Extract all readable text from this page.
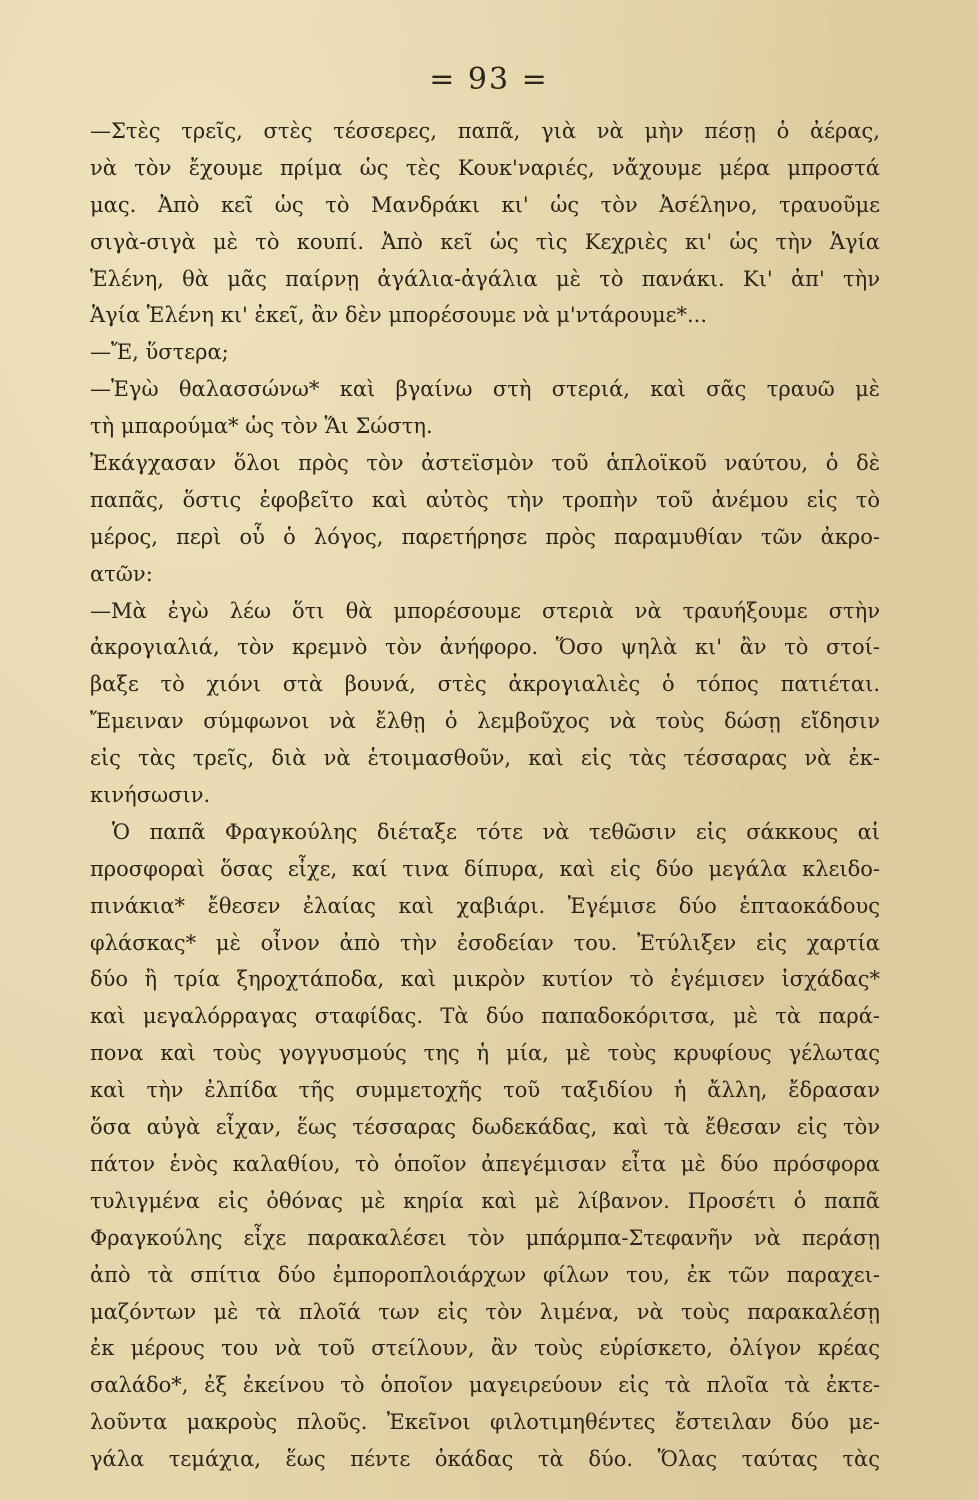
= 93 =
—Στὲς τρεῖς, στὲς τέσσερες, παπᾶ, γιὰ νὰ μὴν πέσῃ ὁ ἀέρας,
νὰ τὸν ἔχουμε πρίμα ὡς τὲς Κουκ'ναριές, νἄχουμε μέρα μπροστά
μας. Ἀπὸ κεῖ ὡς τὸ Μανδράκι κι' ὡς τὸν Ἀσέληνο, τραυοῦμε
σιγὰ-σιγὰ μὲ τὸ κουπί. Ἀπὸ κεῖ ὡς τὶς Κεχριὲς κι' ὡς τὴν Ἁγία
Ἑλένη, θὰ μᾶς παίρνῃ ἀγάλια-ἀγάλια μὲ τὸ πανάκι. Κι' ἀπ' τὴν
Ἁγία Ἑλένη κι' ἐκεῖ, ἂν δὲν μπορέσουμε νὰ μ'ντάρουμε*...
—Ἔ, ὕστερα;
—Ἐγὼ θαλασσώνω* καὶ βγαίνω στὴ στεριά, καὶ σᾶς τραυῶ μὲ
τὴ μπαρούμα* ὡς τὸν Ἅι Σώστη.
Ἐκάγχασαν ὅλοι πρὸς τὸν ἀστεϊσμὸν τοῦ ἁπλοϊκοῦ ναύτου, ὁ δὲ
παπᾶς, ὅστις ἐφοβεῖτο καὶ αὐτὸς τὴν τροπὴν τοῦ ἀνέμου εἰς τὸ
μέρος, περὶ οὗ ὁ λόγος, παρετήρησε πρὸς παραμυθίαν τῶν ἀκρο-
ατῶν:
—Μὰ ἐγὼ λέω ὅτι θὰ μπορέσουμε στεριὰ νὰ τραυήξουμε στὴν
ἀκρογιαλιά, τὸν κρεμνὸ τὸν ἀνήφορο. Ὅσο ψηλὰ κι' ἂν τὸ στοί-
βαξε τὸ χιόνι στὰ βουνά, στὲς ἀκρογιαλιὲς ὁ τόπος πατιέται.
Ἔμειναν σύμφωνοι νὰ ἔλθῃ ὁ λεμβοῦχος νὰ τοὺς δώσῃ εἴδησιν
εἰς τὰς τρεῖς, διὰ νὰ ἑτοιμασθοῦν, καὶ εἰς τὰς τέσσαρας νὰ ἐκ-
κινήσωσιν.
Ὁ παπᾶ Φραγκούλης διέταξε τότε νὰ τεθῶσιν εἰς σάκκους αἱ
προσφοραὶ ὅσας εἶχε, καί τινα δίπυρα, καὶ εἰς δύο μεγάλα κλειδο-
πινάκια* ἔθεσεν ἐλαίας καὶ χαβιάρι. Ἐγέμισε δύο ἑπταοκάδους
φλάσκας* μὲ οἶνον ἀπὸ τὴν ἐσοδείαν του. Ἐτύλιξεν εἰς χαρτία
δύο ἢ τρία ξηροχτάποδα, καὶ μικρὸν κυτίον τὸ ἐγέμισεν ἰσχάδας*
καὶ μεγαλόρραγας σταφίδας. Τὰ δύο παπαδοκόριτσα, μὲ τὰ παρά-
πονα καὶ τοὺς γογγυσμούς της ἡ μία, μὲ τοὺς κρυφίους γέλωτας
καὶ τὴν ἐλπίδα τῆς συμμετοχῆς τοῦ ταξιδίου ἡ ἄλλη, ἔδρασαν
ὅσα αὐγὰ εἶχαν, ἕως τέσσαρας δωδεκάδας, καὶ τὰ ἔθεσαν εἰς τὸν
πάτον ἑνὸς καλαθίου, τὸ ὁποῖον ἀπεγέμισαν εἶτα μὲ δύο πρόσφορα
τυλιγμένα εἰς ὀθόνας μὲ κηρία καὶ μὲ λίβανον. Προσέτι ὁ παπᾶ
Φραγκούλης εἶχε παρακαλέσει τὸν μπάρμπα-Στεφανῆν νὰ περάσῃ
ἀπὸ τὰ σπίτια δύο ἐμποροπλοιάρχων φίλων του, ἐκ τῶν παραχει-
μαζόντων μὲ τὰ πλοῖά των εἰς τὸν λιμένα, νὰ τοὺς παρακαλέσῃ
ἐκ μέρους του νὰ τοῦ στείλουν, ἂν τοὺς εὑρίσκετο, ὀλίγον κρέας
σαλάδο*, ἐξ ἐκείνου τὸ ὁποῖον μαγειρεύουν εἰς τὰ πλοῖα τὰ ἐκτε-
λοῦντα μακροὺς πλοῦς. Ἐκεῖνοι φιλοτιμηθέντες ἔστειλαν δύο με-
γάλα τεμάχια, ἕως πέντε ὀκάδας τὰ δύο. Ὅλας ταύτας τὰς
